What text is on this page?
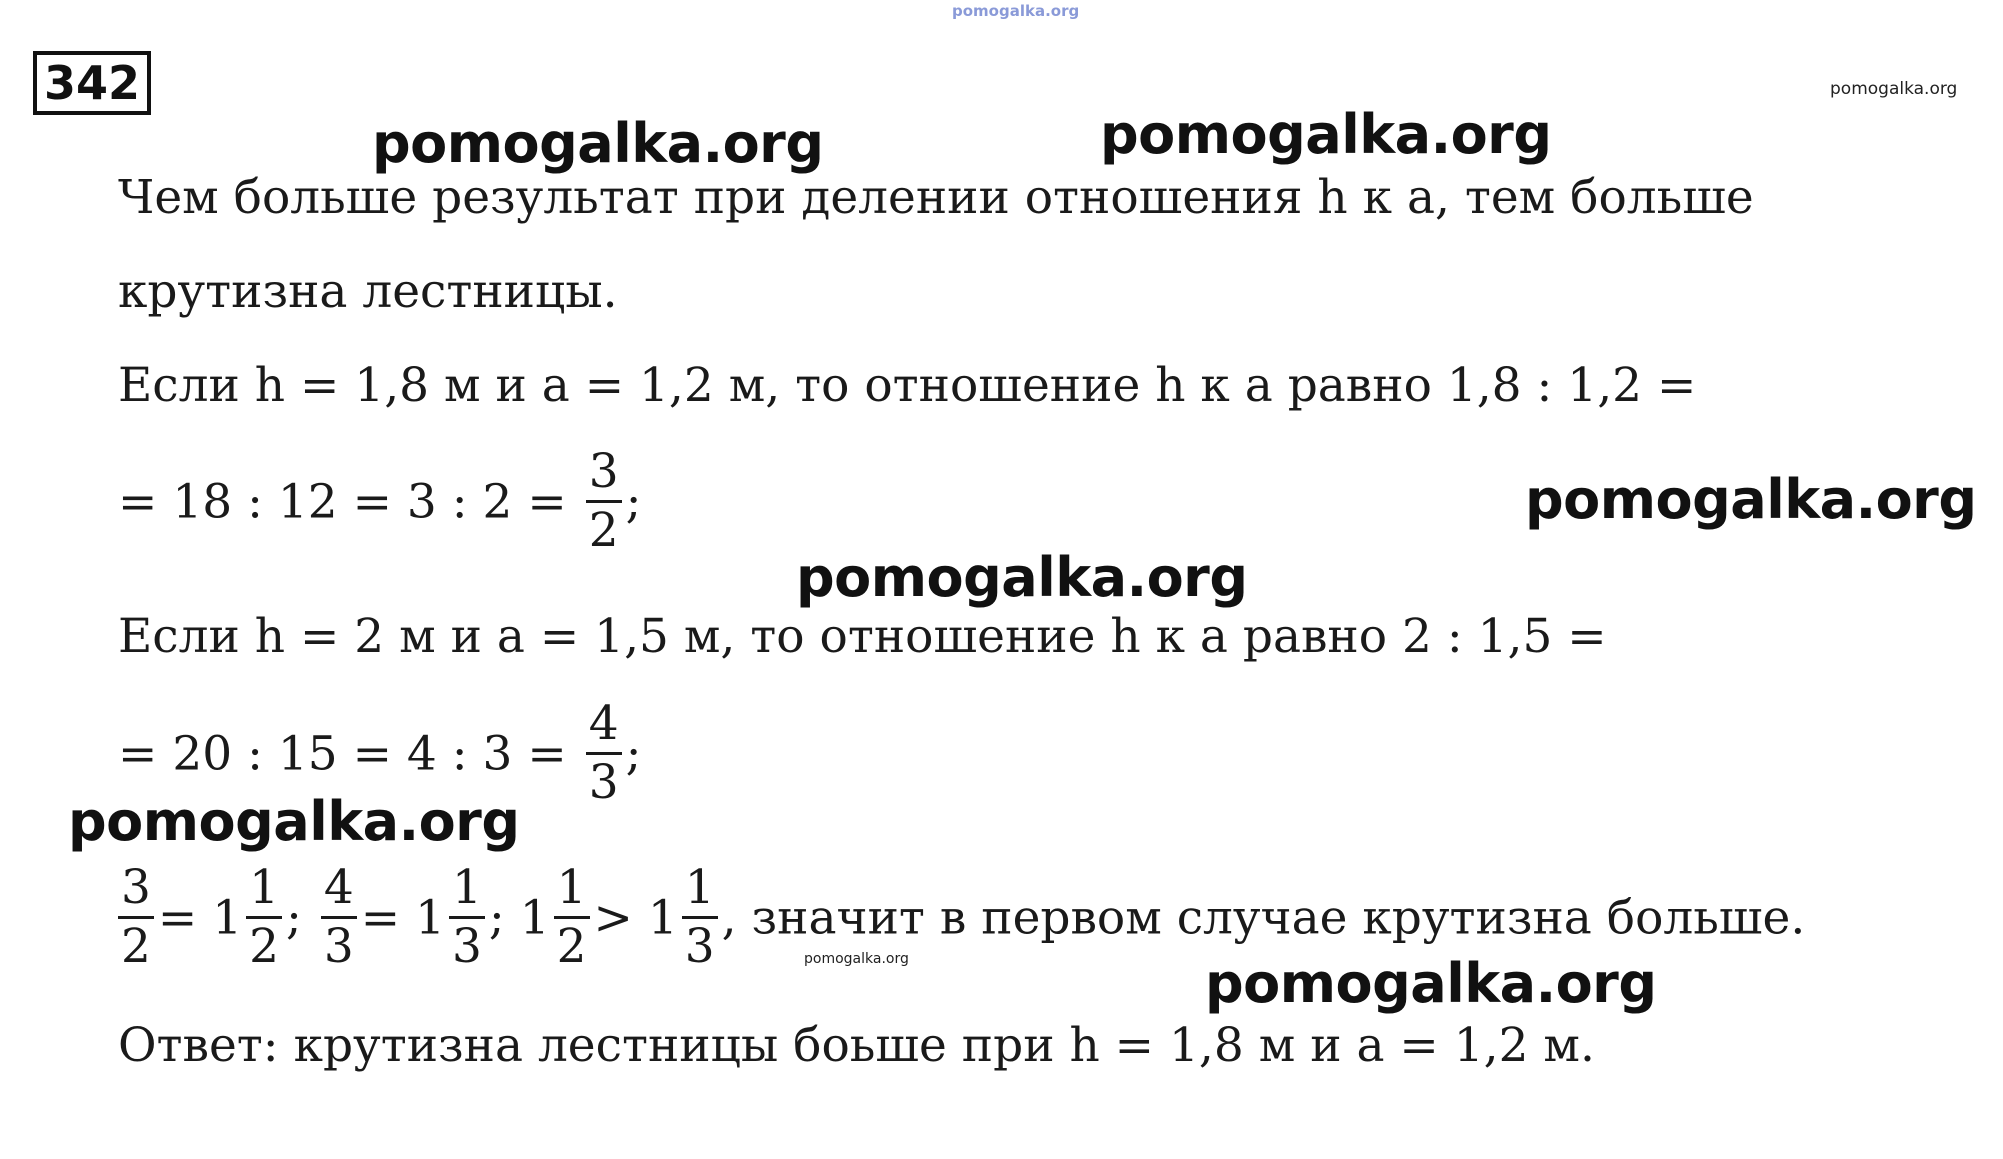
pomogalka.org
342	pomogalka.org
Чем больше результат при делении отношения h к a, тем больше
крутизна лестницы.
Если h = 1,8 м и a = 1,2 м, то отношение h к a равно 1,8 : 1,2 =
= 18 : 12 = 3 : $2 = \frac{3}{2}$ ;
Если h = 2 м и a = 1,5 м, то отношение h к a равно 2 : 1,5 =
= 20 : 15 = 4 : $3 = \frac{4}{3}$ ;
$\frac{3}{2} = 1 \frac{1}{2}$ ; $\frac{4}{3} = 1 \frac{1}{3}$ ; $1 \frac{1}{2} > 1 \frac{1}{3}$ , значит в первом случае крутизна больше.
Ответ: крутизна лестницы боьше при h = 1,8 м и a = 1,2 м.
pomogalka.org	pomogalka.org
pomogalka.org
pomogalka.org
pomogalka.org
pomogalka.org
pomogalka.org
